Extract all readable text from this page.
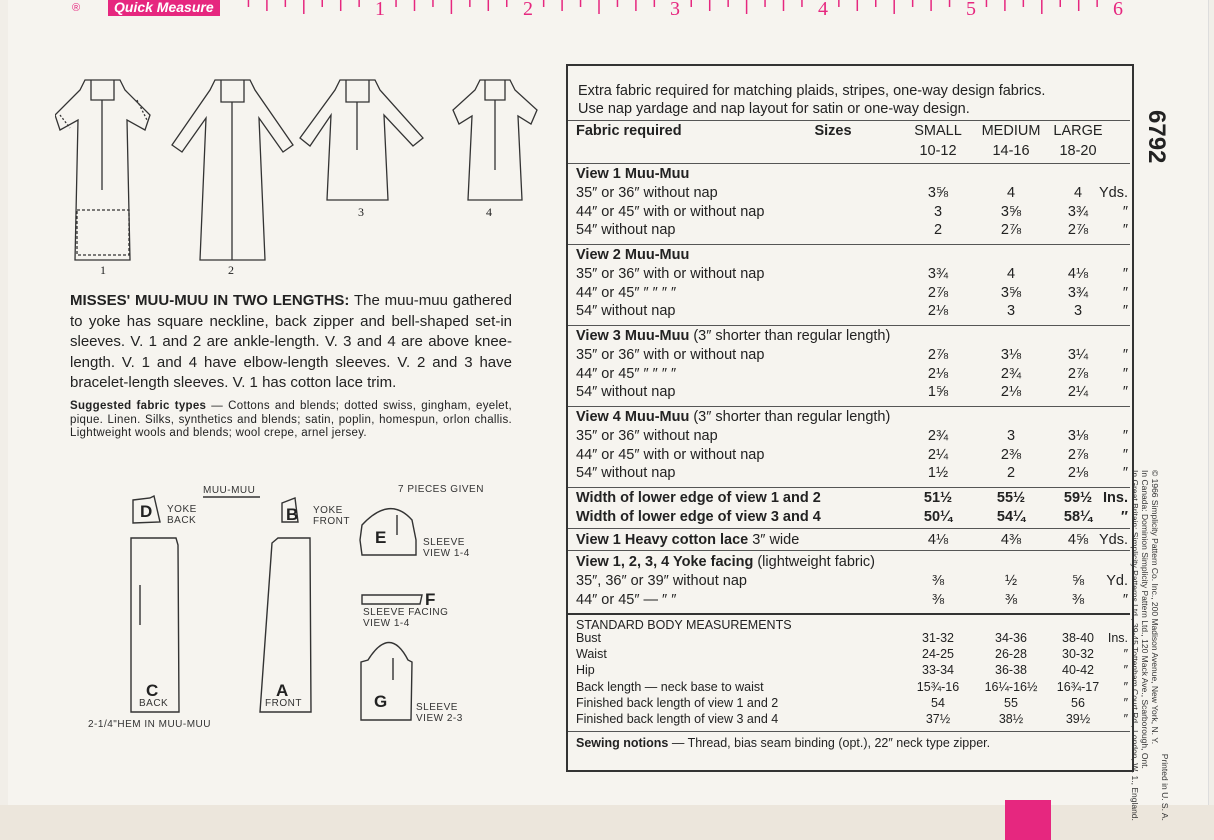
®	Quick Measure	1	2	3	4	5	6
1	2
3	4
MISSES' MUU-MUU IN TWO LENGTHS: The muu-muu gathered to yoke has square neckline, back zipper and bell-shaped set-in sleeves. V. 1 and 2 are ankle-length. V. 3 and 4 are above knee-length. V. 1 and 4 have elbow-length sleeves. V. 2 and 3 have bracelet-length sleeves. V. 1 has cotton lace trim.
Suggested fabric types — Cottons and blends; dotted swiss, gingham, eyelet, pique. Linen. Silks, synthetics and blends; satin, poplin, homespun, orlon challis. Lightweight wools and blends; wool crepe, arnel jersey.
MUU-MUU	7 PIECES GIVEN
D YOKE
BACK	B YOKE
FRONT
E	SLEEVE
VIEW 1-4
F
SLEEVE FACING
VIEW 1-4
C
BACK
A
FRONT	G	SLEEVE
VIEW 2-3
2-1/4"HEM IN MUU-MUU
Extra fabric required for matching plaids, stripes, one-way design fabrics.
Use nap yardage and nap layout for satin or one-way design.
Fabric required	Sizes	SMALL	MEDIUM LARGE
10-12	14-16	18-20
View 1 Muu-Muu
35″ or 36″ without nap	3⅝	4	4	Yds.
44″ or 45″ with or without nap	3	3⅝	3¾	″
54″ without nap	2	2⅞	2⅞	″
View 2 Muu-Muu
35″ or 36″ with or without nap	3¾	4	4⅛	″
44″ or 45″ ″ ″ ″ ″	2⅞	3⅝	3¾	″
54″ without nap	2⅛	3	3	″
View 3 Muu-Muu (3″ shorter than regular length)
35″ or 36″ with or without nap	2⅞	3⅛	3¼	″
44″ or 45″ ″ ″ ″ ″	2⅛	2¾	2⅞	″
54″ without nap	1⅝	2⅛	2¼	″
View 4 Muu-Muu (3″ shorter than regular length)
35″ or 36″ without nap	2¾	3	3⅛	″
44″ or 45″ with or without nap	2¼	2⅜	2⅞	″
54″ without nap	1½	2	2⅛	″
Width of lower edge of view 1 and 2	51½	55½	59½ Ins.
Width of lower edge of view 3 and 4	50¼	54¼	58¼	″
View 1 Heavy cotton lace 3″ wide	4⅛	4⅜	4⅝ Yds.
View 1, 2, 3, 4 Yoke facing (lightweight fabric)
35″, 36″ or 39″ without nap	⅜	½	⅝	Yd.
44″ or 45″ — ″ ″	⅜	⅜	⅜	″
STANDARD BODY MEASUREMENTS
Bust	31-32	34-36	38-40	Ins.
Waist	24-25	26-28	30-32	″
Hip	33-34	36-38	40-42	″
Back length — neck base to waist	15¾-16	16¼-16½	16¾-17	″
Finished back length of view 1 and 2	54	55	56	″
Finished back length of view 3 and 4	37½	38½	39½	″
Sewing notions — Thread, bias seam binding (opt.), 22″ neck type zipper.
6792
Printed in U. S. A.
© 1966 Simplicity Pattern Co. Inc., 200 Madison Avenue, New York, N. Y.
In Canada: Dominion Simplicity Pattern Ltd., 120 Mack Ave., Scarborough, Ont.
In Great Britain: Simplicity Patterns Ltd., 39-45 Tottenham Court Rd., London, W. 1., England.
